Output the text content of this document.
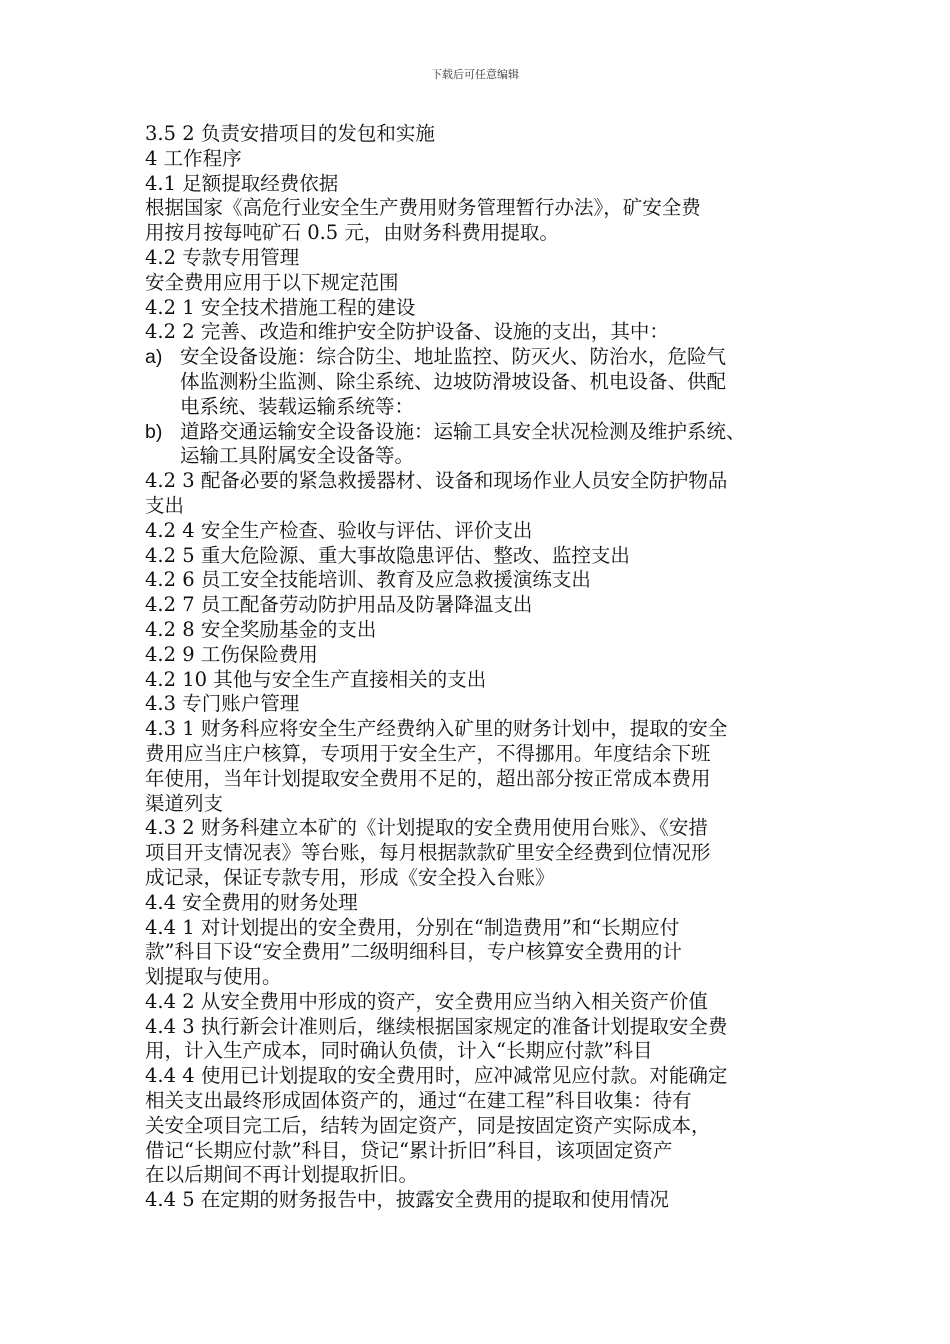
下载后可任意编辑
3.5 2 负责安措项目的发包和实施
4 工作程序
4.1 足额提取经费依据
根据国家《高危行业安全生产费用财务管理暂行办法》，矿安全费
用按月按每吨矿石 0.5 元，由财务科费用提取。
4.2 专款专用管理
安全费用应用于以下规定范围
4.2 1 安全技术措施工程的建设
4.2 2 完善、改造和维护安全防护设备、设施的支出，其中：
a) 安全设备设施：综合防尘、地址监控、防灭火、防治水，危险气
体监测粉尘监测、除尘系统、边坡防滑坡设备、机电设备、供配
电系统、装载运输系统等：
b) 道路交通运输安全设备设施：运输工具安全状况检测及维护系统、
运输工具附属安全设备等。
4.2 3 配备必要的紧急救援器材、设备和现场作业人员安全防护物品
支出
4.2 4 安全生产检查、验收与评估、评价支出
4.2 5 重大危险源、重大事故隐患评估、整改、监控支出
4.2 6 员工安全技能培训、教育及应急救援演练支出
4.2 7 员工配备劳动防护用品及防暑降温支出
4.2 8 安全奖励基金的支出
4.2 9 工伤保险费用
4.2 10 其他与安全生产直接相关的支出
4.3 专门账户管理
4.3 1 财务科应将安全生产经费纳入矿里的财务计划中，提取的安全
费用应当庄户核算，专项用于安全生产，不得挪用。年度结余下班
年使用，当年计划提取安全费用不足的，超出部分按正常成本费用
渠道列支
4.3 2 财务科建立本矿的《计划提取的安全费用使用台账》、《安措
项目开支情况表》等台账，每月根据款款矿里安全经费到位情况形
成记录，保证专款专用，形成《安全投入台账》
4.4 安全费用的财务处理
4.4 1 对计划提出的安全费用，分别在“制造费用”和“长期应付
款”科目下设“安全费用”二级明细科目，专户核算安全费用的计
划提取与使用。
4.4 2 从安全费用中形成的资产，安全费用应当纳入相关资产价值
4.4 3 执行新会计准则后，继续根据国家规定的准备计划提取安全费
用，计入生产成本，同时确认负债，计入“长期应付款”科目
4.4 4 使用已计划提取的安全费用时，应冲减常见应付款。对能确定
相关支出最终形成固体资产的，通过“在建工程”科目收集：待有
关安全项目完工后，结转为固定资产，同是按固定资产实际成本，
借记“长期应付款”科目，贷记“累计折旧”科目，该项固定资产
在以后期间不再计划提取折旧。
4.4 5 在定期的财务报告中，披露安全费用的提取和使用情况
